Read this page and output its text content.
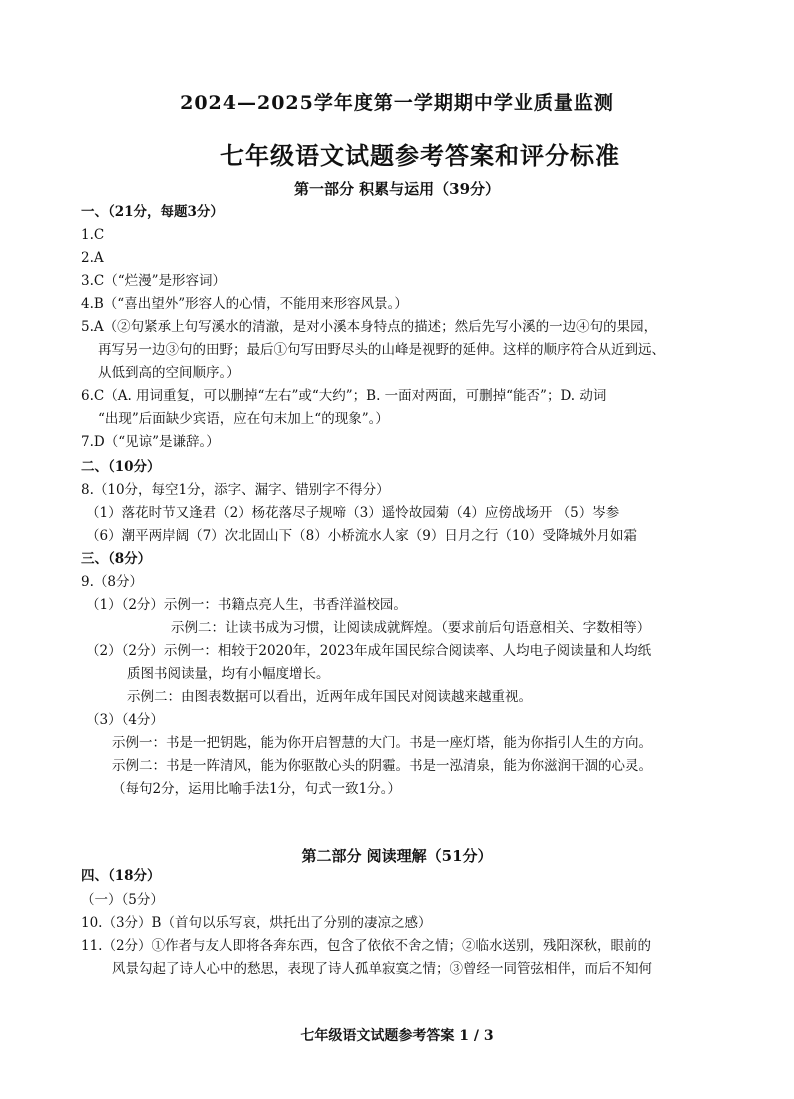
2024—2025学年度第一学期期中学业质量监测
七年级语文试题参考答案和评分标准
第一部分 积累与运用（39分）
一、（21分，每题3分）
1.C
2.A
3.C（“烂漫”是形容词）
4.B（“喜出望外”形容人的心情，不能用来形容风景。）
5.A（②句紧承上句写溪水的清澈，是对小溪本身特点的描述；然后先写小溪的一边④句的果园，
再写另一边③句的田野；最后①句写田野尽头的山峰是视野的延伸。这样的顺序符合从近到远、
从低到高的空间顺序。）
6.C（A. 用词重复，可以删掉“左右”或“大约”；B. 一面对两面，可删掉“能否”；D. 动词
“出现”后面缺少宾语，应在句末加上“的现象”。）
7.D（“见谅”是谦辞。）
二、（10分）
8.（10分，每空1分，添字、漏字、错别字不得分）
（1）落花时节又逢君（2）杨花落尽子规啼（3）遥怜故园菊（4）应傍战场开 （5）岑参
（6）潮平两岸阔（7）次北固山下（8）小桥流水人家（9）日月之行（10）受降城外月如霜
三、（8分）
9.（8分）
（1）（2分）示例一：书籍点亮人生，书香洋溢校园。
示例二：让读书成为习惯，让阅读成就辉煌。（要求前后句语意相关、字数相等）
（2）（2分）示例一：相较于2020年，2023年成年国民综合阅读率、人均电子阅读量和人均纸
质图书阅读量，均有小幅度增长。
示例二：由图表数据可以看出，近两年成年国民对阅读越来越重视。
（3）（4分）
示例一：书是一把钥匙，能为你开启智慧的大门。书是一座灯塔，能为你指引人生的方向。
示例二：书是一阵清风，能为你驱散心头的阴霾。书是一泓清泉，能为你滋润干涸的心灵。
（每句2分，运用比喻手法1分，句式一致1分。）
第二部分 阅读理解（51分）
四、（18分）
（一）（5分）
10.（3分）B（首句以乐写哀，烘托出了分别的凄凉之感）
11.（2分）①作者与友人即将各奔东西，包含了依依不舍之情；②临水送别，残阳深秋，眼前的
风景勾起了诗人心中的愁思，表现了诗人孤单寂寞之情；③曾经一同管弦相伴，而后不知何
七年级语文试题参考答案 1 / 3
